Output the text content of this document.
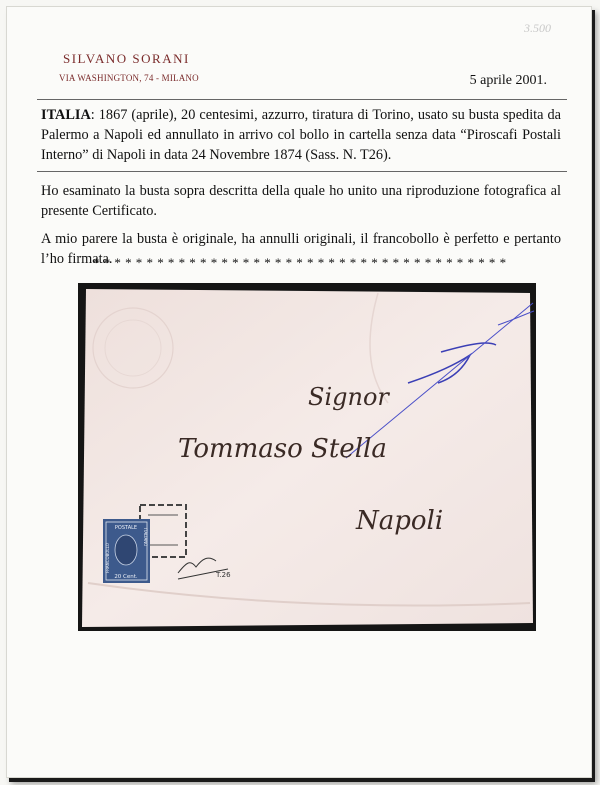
3.500
SILVANO SORANI
VIA WASHINGTON, 74 - MILANO	5 aprile 2001.
ITALIA: 1867 (aprile), 20 centesimi, azzurro, tiratura di Torino, usato su busta spedita da Palermo a Napoli ed annullato in arrivo col bollo in cartella senza data “Piroscafi Postali Interno” di Napoli in data 24 Novembre 1874 (Sass. N. T26).
Ho esaminato la busta sopra descritta della quale ho unito una riproduzione fotografica al presente Certificato.
A mio parere la busta è originale, ha annulli originali, il francobollo è perfetto e pertanto l’ho firmata.
***************************************
Signor
Tommaso Stella
Napoli
POSTALE
20 Cent.
FRANCOBOLLO
ITALIANO
T.26
